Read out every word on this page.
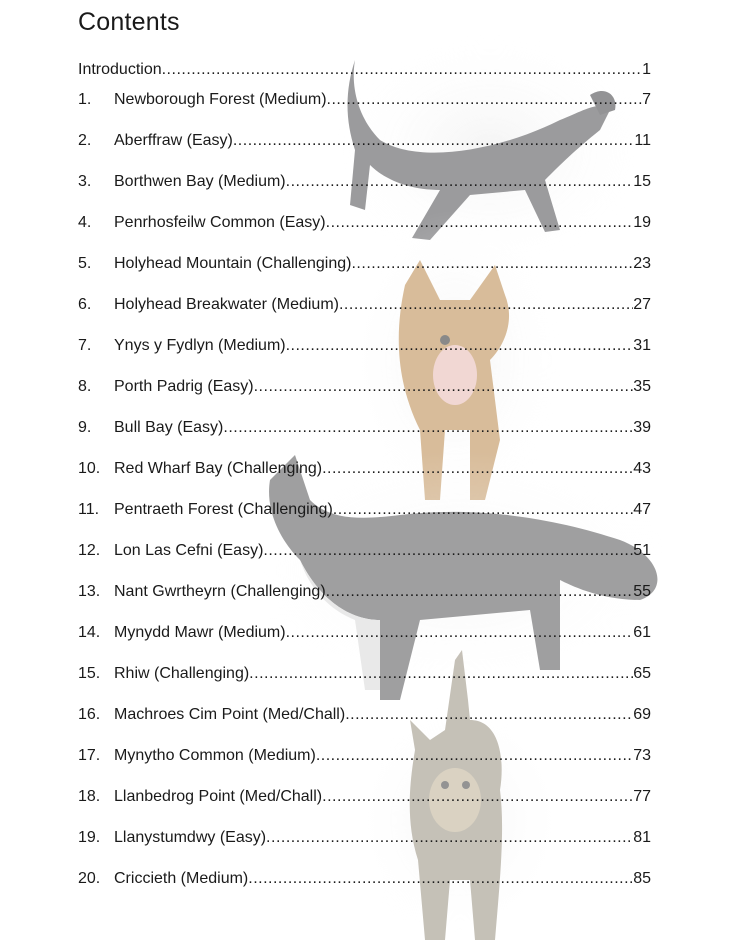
Contents
Introduction .....	1
1.	Newborough Forest (Medium) .....	7
2.	Aberffraw (Easy) .....	11
3.	Borthwen Bay (Medium) .....	15
4.	Penrhosfeilw Common (Easy) .....	19
5.	Holyhead Mountain (Challenging) .....	23
6.	Holyhead Breakwater (Medium) .....	27
7.	Ynys y Fydlyn (Medium) .....	31
8.	Porth Padrig (Easy) .....	35
9.	Bull Bay (Easy) .....	39
10. Red Wharf Bay (Challenging) .....	43
11. Pentraeth Forest (Challenging) .....	47
12. Lon Las Cefni (Easy) .....	51
13. Nant Gwrtheyrn (Challenging) .....	55
14. Mynydd Mawr (Medium) .....	61
15. Rhiw (Challenging) .....	65
16. Machroes Cim Point (Med/Chall) .....	69
17. Mynytho Common (Medium) .....	73
18. Llanbedrog Point (Med/Chall) .....	77
19. Llanystumdwy (Easy) .....	81
20. Criccieth (Medium) .....	85
